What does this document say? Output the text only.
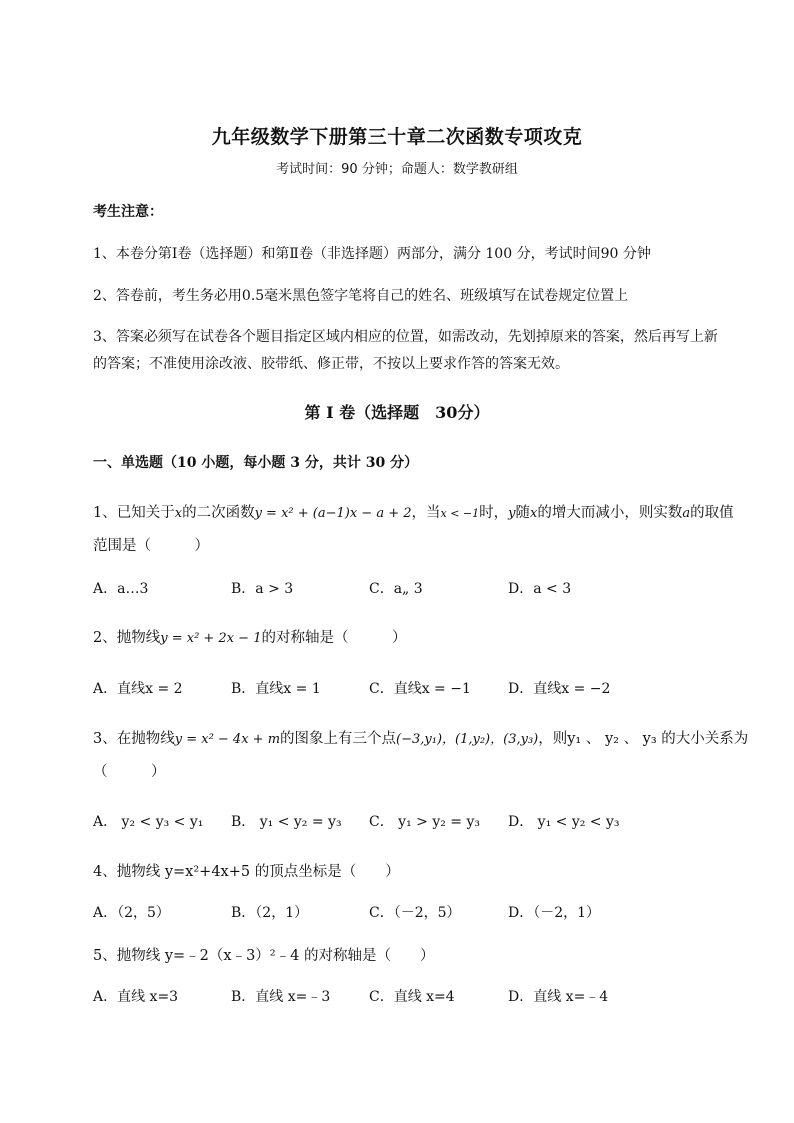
九年级数学下册第三十章二次函数专项攻克
考试时间：90 分钟；命题人：数学教研组
考生注意：
1、本卷分第I卷（选择题）和第Ⅱ卷（非选择题）两部分，满分 100 分，考试时间90 分钟
2、答卷前，考生务必用0.5毫米黑色签字笔将自己的姓名、班级填写在试卷规定位置上
3、答案必须写在试卷各个题目指定区域内相应的位置，如需改动，先划掉原来的答案，然后再写上新
的答案；不准使用涂改液、胶带纸、修正带，不按以上要求作答的答案无效。
第 I 卷（选择题　30分）
一、单选题（10 小题，每小题 3 分，共计 30 分）
1、已知关于x的二次函数y = x² + (a−1)x − a + 2，当x < −1时，y随x的增大而减小，则实数a的取值
范围是（　　　）
A．a…3	B．a > 3	C．a„ 3	D．a < 3
2、抛物线y = x² + 2x − 1的对称轴是（　　　）
A．直线x = 2	B．直线x = 1	C．直线x = −1	D．直线x = −2
3、在抛物线y = x² − 4x + m的图象上有三个点(−3,y₁)，(1,y₂)，(3,y₃)，则y₁ 、 y₂ 、 y₃ 的大小关系为
（　　　）
A． y₂ < y₃ < y₁ B． y₁ < y₂ = y₃ C． y₁ > y₂ = y₃ D． y₁ < y₂ < y₃
4、抛物线 y=x²+4x+5 的顶点坐标是（　　）
A．（2，5）	B．（2，1）	C．（－2，5）	D．（－2，1）
5、抛物线 y=﹣2（x﹣3）²﹣4 的对称轴是（　　）
A．直线 x=3	B．直线 x=﹣3	C．直线 x=4	D．直线 x=﹣4
